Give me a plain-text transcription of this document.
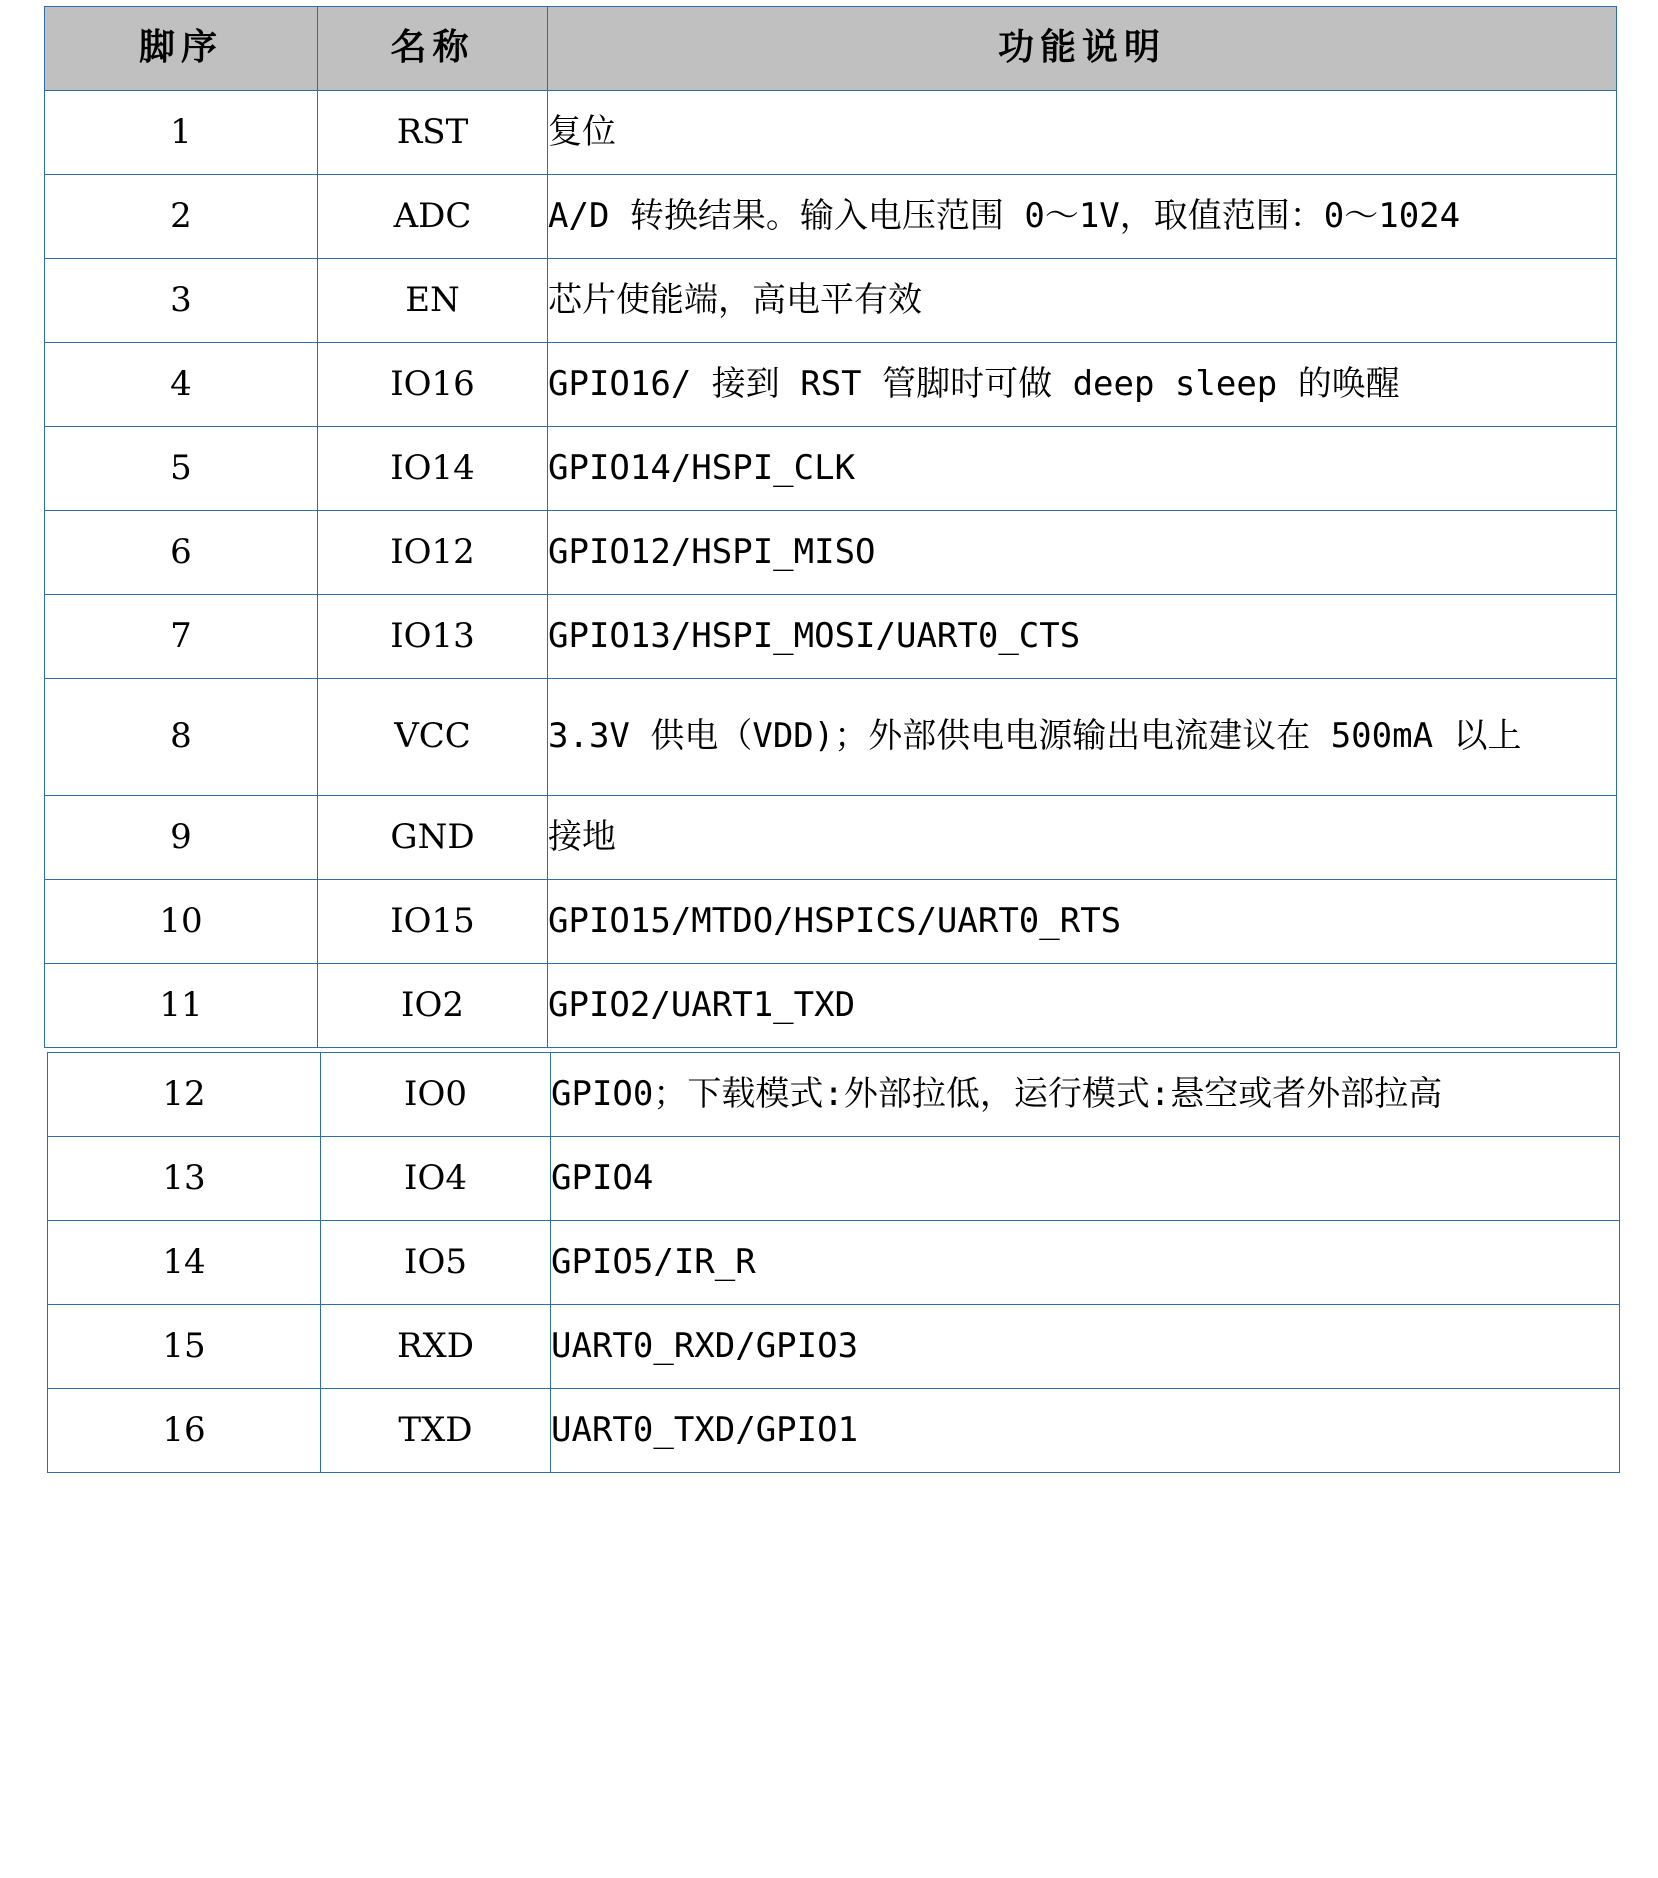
脚序	名称	功能说明
1	RST	复位
2	ADC	A/D 转换结果。输入电压范围 0～1V，取值范围：0～1024
3	EN	芯片使能端，高电平有效
4	IO16	GPIO16/ 接到 RST 管脚时可做 deep sleep 的唤醒
5	IO14	GPIO14/HSPI_CLK
6	IO12	GPIO12/HSPI_MISO
7	IO13	GPIO13/HSPI_MOSI/UART0_CTS
8	VCC	3.3V 供电（VDD)；外部供电电源输出电流建议在 500mA 以上
9	GND	接地
10	IO15	GPIO15/MTDO/HSPICS/UART0_RTS
11	IO2	GPIO2/UART1_TXD
12	IO0	GPIO0；下载模式:外部拉低，运行模式:悬空或者外部拉高
13	IO4	GPIO4
14	IO5	GPIO5/IR_R
15	RXD	UART0_RXD/GPIO3
16	TXD	UART0_TXD/GPIO1
